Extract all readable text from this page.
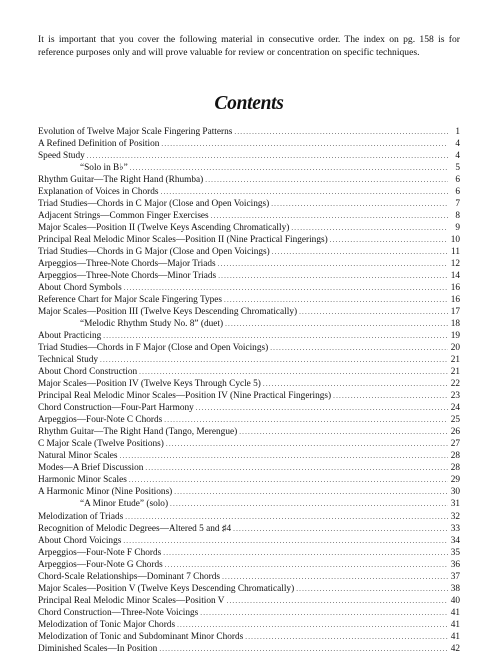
It is important that you cover the following material in consecutive order. The index on pg. 158 is for reference purposes only and will prove valuable for review or concentration on specific techniques.

Contents
Evolution of Twelve Major Scale Fingering Patterns .....	1
A Refined Definition of Position .....	4
Speed Study .....	4
“Solo in B♭” .....	5
Rhythm Guitar—The Right Hand (Rhumba) .....	6
Explanation of Voices in Chords .....	6
Triad Studies—Chords in C Major (Close and Open Voicings) .....	7
Adjacent Strings—Common Finger Exercises .....	8
Major Scales—Position II (Twelve Keys Ascending Chromatically) .....	9
Principal Real Melodic Minor Scales—Position II (Nine Practical Fingerings) .....	10
Triad Studies—Chords in G Major (Close and Open Voicings) .....	11
Arpeggios—Three-Note Chords—Major Triads .....	12
Arpeggios—Three-Note Chords—Minor Triads .....	14
About Chord Symbols .....	16
Reference Chart for Major Scale Fingering Types .....	16
Major Scales—Position III (Twelve Keys Descending Chromatically) .....	17
“Melodic Rhythm Study No. 8” (duet) .....	18
About Practicing .....	19
Triad Studies—Chords in F Major (Close and Open Voicings) .....	20
Technical Study .....	21
About Chord Construction .....	21
Major Scales—Position IV (Twelve Keys Through Cycle 5) .....	22
Principal Real Melodic Minor Scales—Position IV (Nine Practical Fingerings) .....	23
Chord Construction—Four-Part Harmony .....	24
Arpeggios—Four-Note C Chords .....	25
Rhythm Guitar—The Right Hand (Tango, Merengue) .....	26
C Major Scale (Twelve Positions) .....	27
Natural Minor Scales .....	28
Modes—A Brief Discussion .....	28
Harmonic Minor Scales .....	29
A Harmonic Minor (Nine Positions) .....	30
“A Minor Etude” (solo) .....	31
Melodization of Triads .....	32
Recognition of Melodic Degrees—Altered 5 and ♯4 .....	33
About Chord Voicings .....	34
Arpeggios—Four-Note F Chords .....	35
Arpeggios—Four-Note G Chords .....	36
Chord-Scale Relationships—Dominant 7 Chords .....	37
Major Scales—Position V (Twelve Keys Descending Chromatically) .....	38
Principal Real Melodic Minor Scales—Position V .....	40
Chord Construction—Three-Note Voicings .....	41
Melodization of Tonic Major Chords .....	41
Melodization of Tonic and Subdominant Minor Chords .....	41
Diminished Scales—In Position .....	42
